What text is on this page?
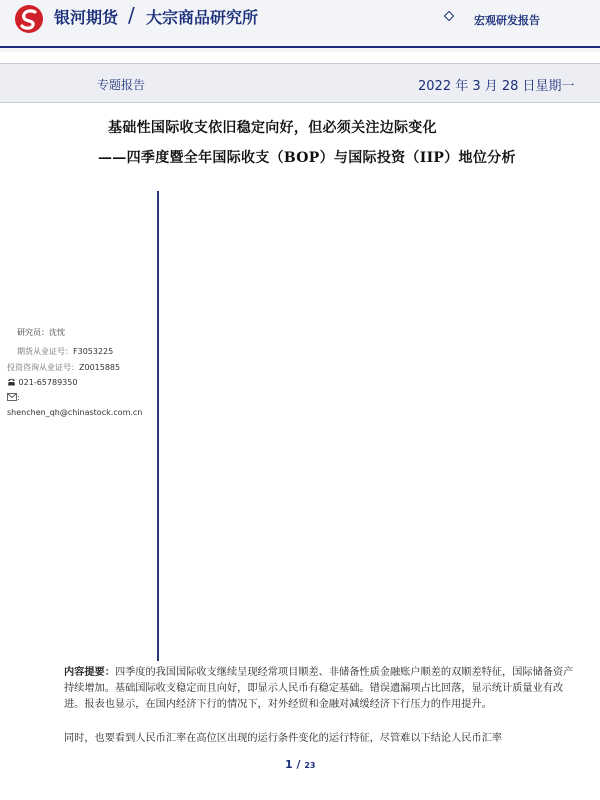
银河期货 / 大宗商品研究所	宏观研发报告
专题报告	2022 年 3 月 28 日星期一
基础性国际收支依旧稳定向好，但必须关注边际变化
——四季度暨全年国际收支（BOP）与国际投资（IIP）地位分析
研究员：沈忱
期货从业证号：F3053225
投资咨询从业证号：Z0015885
021-65789350
:
shenchen_qh@chinastock.com.cn
内容提要：四季度的我国国际收支继续呈现经常项目顺差、非储备性质金融账户顺差的双顺差特征，国际储备资产持续增加。基础国际收支稳定而且向好，即显示人民币有稳定基础。错误遗漏项占比回落，显示统计质量业有改进。报表也显示，在国内经济下行的情况下，对外经贸和金融对减缓经济下行压力的作用提升。
同时，也要看到人民币汇率在高位区出现的运行条件变化的运行特征，尽管难以下结论人民币汇率
1 / 23
